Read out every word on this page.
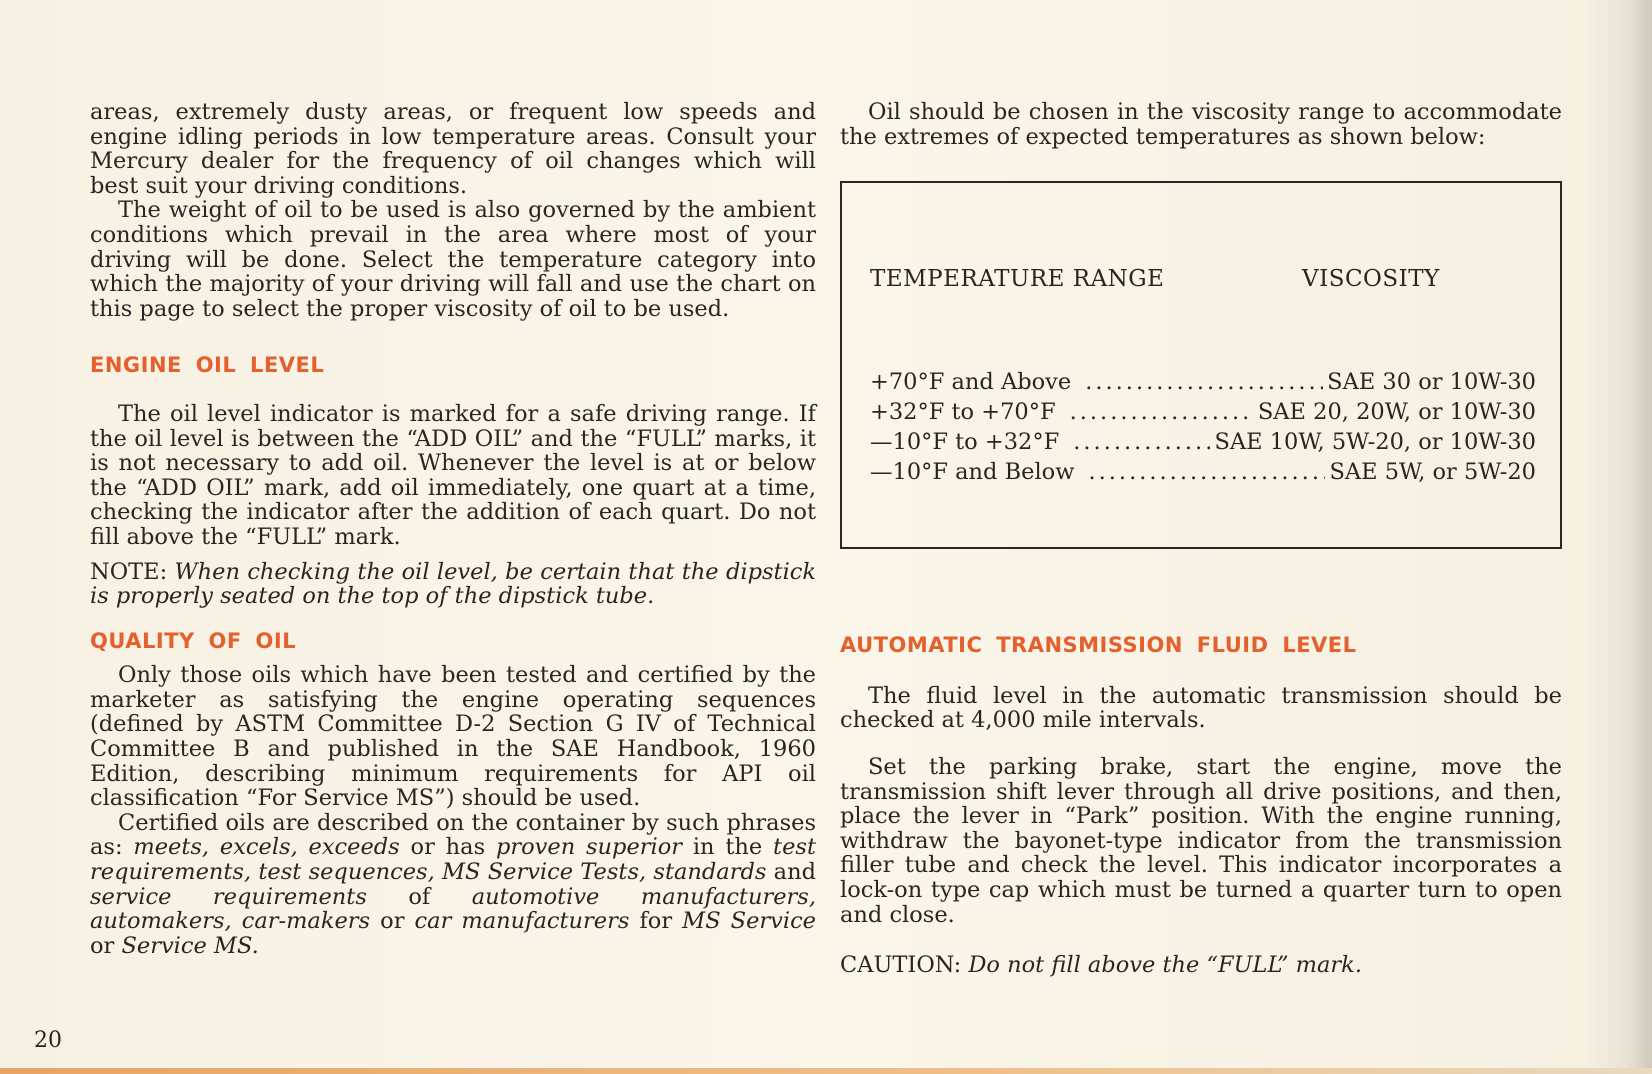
areas, extremely dusty areas, or frequent low speeds and engine idling periods in low temperature areas. Consult your Mercury dealer for the frequency of oil changes which will best suit your driving conditions.

The weight of oil to be used is also governed by the ambient conditions which prevail in the area where most of your driving will be done. Select the temperature category into which the majority of your driving will fall and use the chart on this page to select the proper viscosity of oil to be used.

ENGINE OIL LEVEL

The oil level indicator is marked for a safe driving range. If the oil level is between the “ADD OIL” and the “FULL” marks, it is not necessary to add oil. Whenever the level is at or below the “ADD OIL” mark, add oil immediately, one quart at a time, checking the indicator after the addition of each quart. Do not fill above the “FULL” mark.

NOTE: When checking the oil level, be certain that the dipstick is properly seated on the top of the dipstick tube.

QUALITY OF OIL

Only those oils which have been tested and certified by the marketer as satisfying the engine operating sequences (defined by ASTM Committee D-2 Section G IV of Technical Committee B and published in the SAE Handbook, 1960 Edition, describing minimum requirements for API oil classification “For Service MS”) should be used.

Certified oils are described on the container by such phrases as: meets, excels, exceeds or has proven superior in the test requirements, test sequences, MS Service Tests, standards and service requirements of automotive manufacturers, automakers, car-makers or car manufacturers for MS Service or Service MS.

Oil should be chosen in the viscosity range to accommodate the extremes of expected temperatures as shown below:

TEMPERATURE RANGE	VISCOSITY
+70°F and Above .....	SAE 30 or 10W-30
+32°F to +70°F .....	SAE 20, 20W, or 10W-30
—10°F to +32°F .....	SAE 10W, 5W-20, or 10W-30
—10°F and Below .....	SAE 5W, or 5W-20
AUTOMATIC TRANSMISSION FLUID LEVEL

The fluid level in the automatic transmission should be checked at 4,000 mile intervals.

Set the parking brake, start the engine, move the transmission shift lever through all drive positions, and then, place the lever in “Park” position. With the engine running, withdraw the bayonet-type indicator from the transmission filler tube and check the level. This indicator incorporates a lock-on type cap which must be turned a quarter turn to open and close.

CAUTION: Do not fill above the “FULL” mark.

20
